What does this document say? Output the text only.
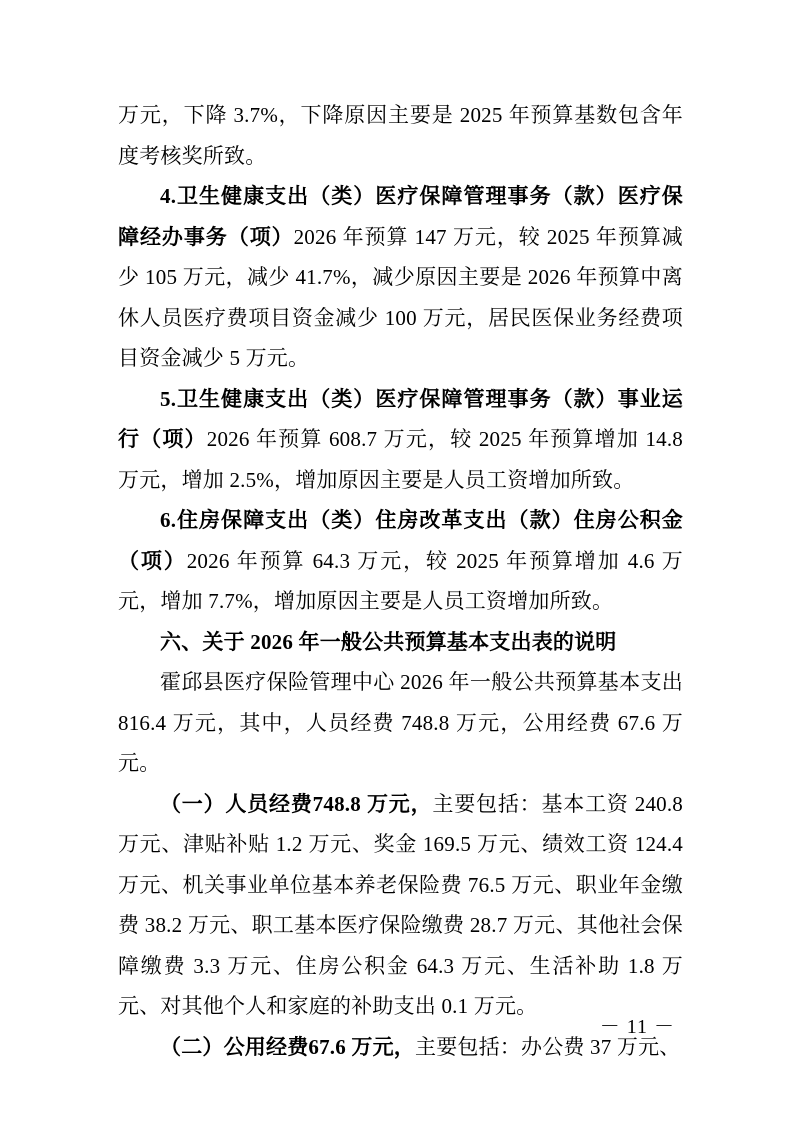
万元，下降 3.7%，下降原因主要是 2025 年预算基数包含年度考核奖所致。

4.卫生健康支出（类）医疗保障管理事务（款）医疗保障经办事务（项）2026 年预算 147 万元，较 2025 年预算减少 105 万元，减少 41.7%，减少原因主要是 2026 年预算中离休人员医疗费项目资金减少 100 万元，居民医保业务经费项目资金减少 5 万元。

5.卫生健康支出（类）医疗保障管理事务（款）事业运行（项）2026 年预算 608.7 万元，较 2025 年预算增加 14.8 万元，增加 2.5%，增加原因主要是人员工资增加所致。

6.住房保障支出（类）住房改革支出（款）住房公积金（项）2026 年预算 64.3 万元，较 2025 年预算增加 4.6 万元，增加 7.7%，增加原因主要是人员工资增加所致。

六、关于 2026 年一般公共预算基本支出表的说明

霍邱县医疗保险管理中心 2026 年一般公共预算基本支出 816.4 万元，其中，人员经费 748.8 万元，公用经费 67.6 万元。

（一）人员经费748.8 万元，主要包括：基本工资 240.8 万元、津贴补贴 1.2 万元、奖金 169.5 万元、绩效工资 124.4 万元、机关事业单位基本养老保险费 76.5 万元、职业年金缴费 38.2 万元、职工基本医疗保险缴费 28.7 万元、其他社会保障缴费 3.3 万元、住房公积金 64.3 万元、生活补助 1.8 万元、对其他个人和家庭的补助支出 0.1 万元。

（二）公用经费67.6 万元，主要包括：办公费 37 万元、

－ 11 －
